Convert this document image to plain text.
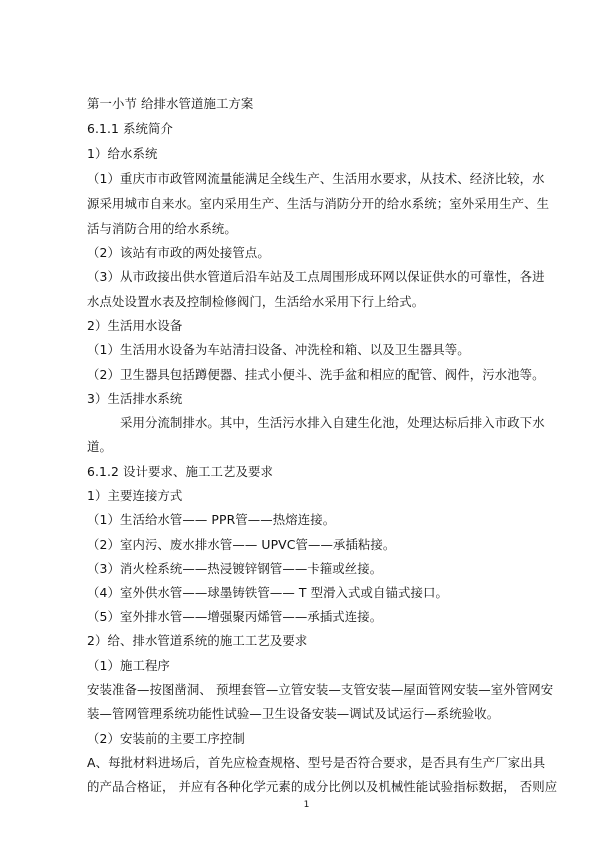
第一小节 给排水管道施工方案

6.1.1 系统简介

1）给水系统

（1）重庆市市政管网流量能满足全线生产、生活用水要求，从技术、经济比较，水

源采用城市自来水。室内采用生产、生活与消防分开的给水系统；室外采用生产、生

活与消防合用的给水系统。

（2）该站有市政的两处接管点。

（3）从市政接出供水管道后沿车站及工点周围形成环网以保证供水的可靠性，各进

水点处设置水表及控制检修阀门，生活给水采用下行上给式。

2）生活用水设备

（1）生活用水设备为车站清扫设备、冲洗栓和箱、以及卫生器具等。

（2）卫生器具包括蹲便器、挂式小便斗、洗手盆和相应的配管、阀件，污水池等。

3）生活排水系统

采用分流制排水。其中，生活污水排入自建生化池，处理达标后排入市政下水

道。

6.1.2 设计要求、施工工艺及要求

1）主要连接方式

（1）生活给水管—— PPR管——热熔连接。

（2）室内污、废水排水管—— UPVC管——承插粘接。

（3）消火栓系统——热浸镀锌钢管——卡箍或丝接。

（4）室外供水管——球墨铸铁管—— T 型滑入式或自锚式接口。

（5）室外排水管——增强聚丙烯管——承插式连接。

2）给、排水管道系统的施工工艺及要求

（1）施工程序

安装准备—按图凿洞、 预埋套管—立管安装—支管安装—屋面管网安装—室外管网安

装—管网管理系统功能性试验—卫生设备安装—调试及试运行—系统验收。

（2）安装前的主要工序控制

A、每批材料进场后，首先应检查规格、型号是否符合要求，是否具有生产厂家出具

的产品合格证， 并应有各种化学元素的成分比例以及机械性能试验指标数据， 否则应

1
